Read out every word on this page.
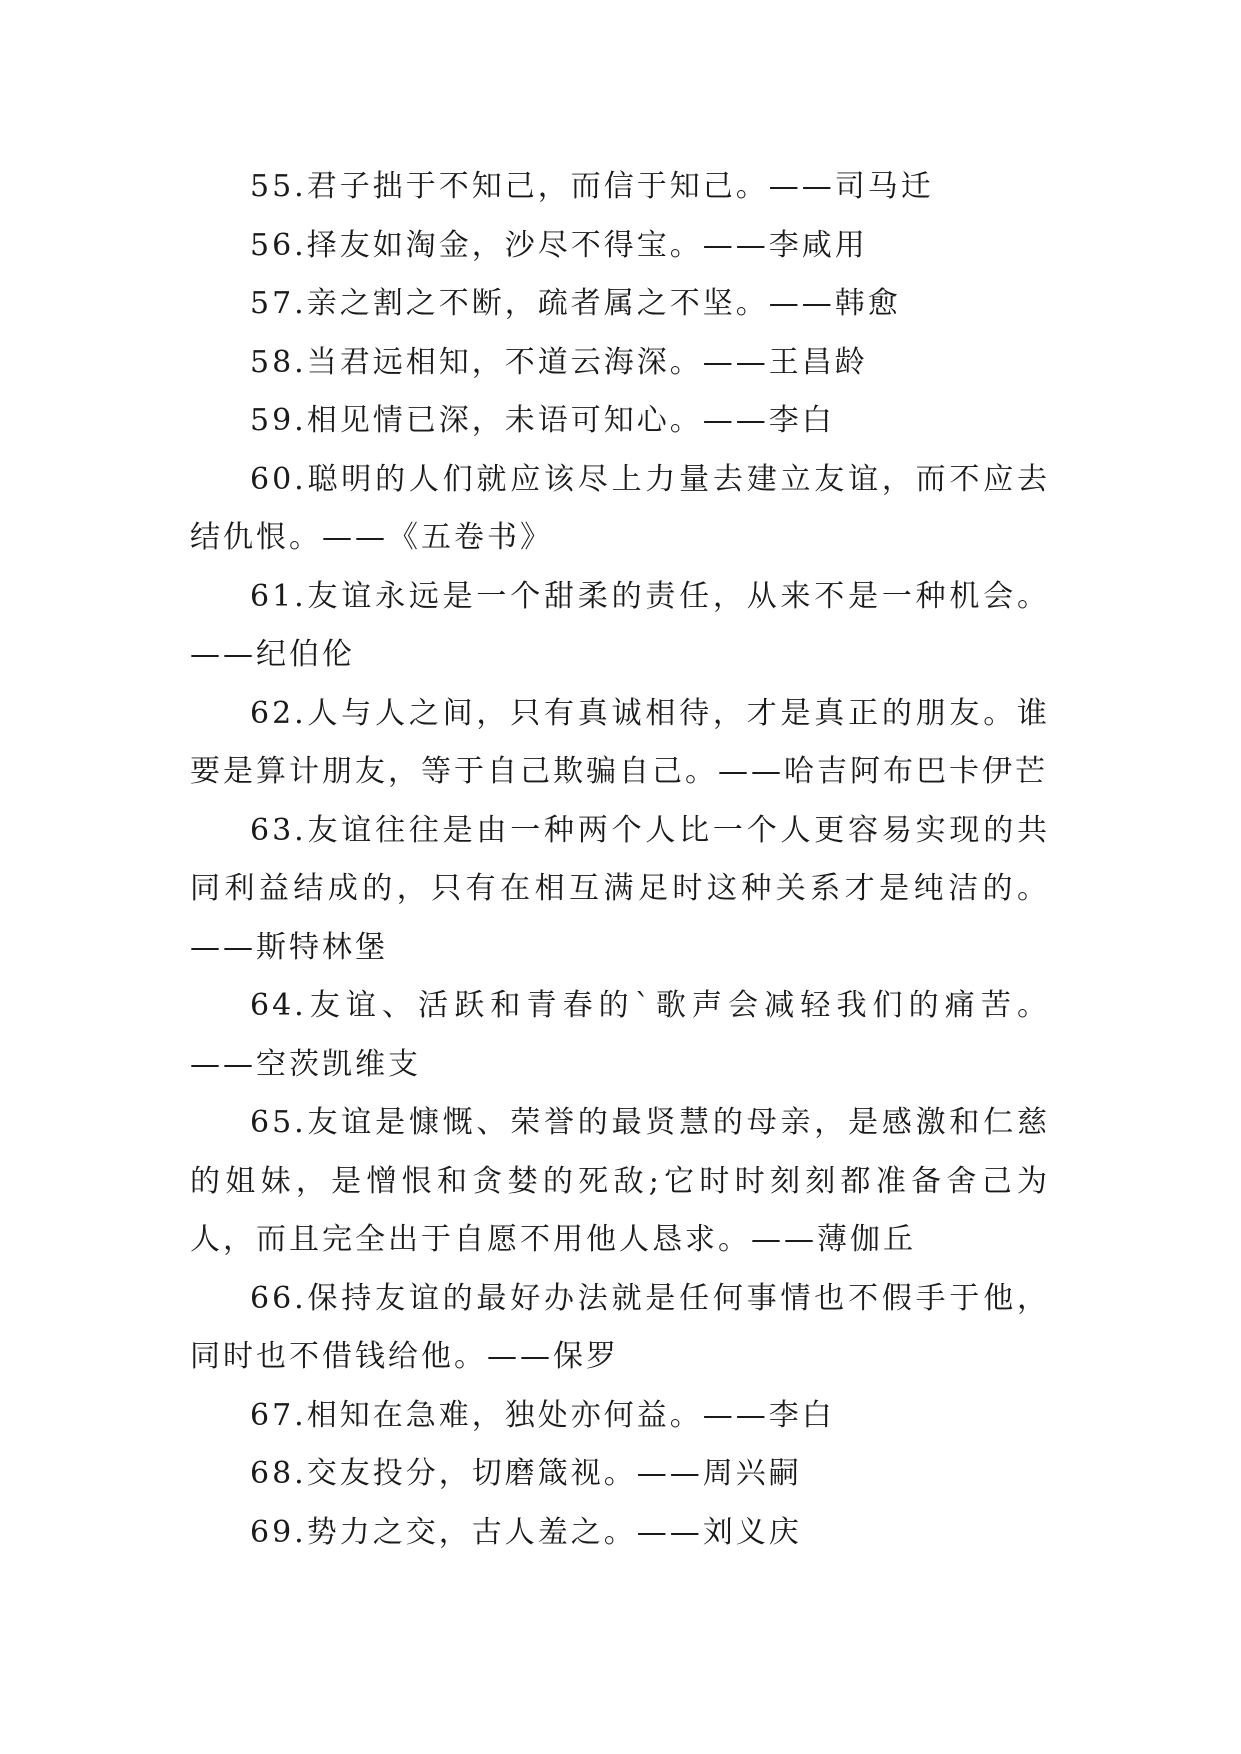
55.君子拙于不知己，而信于知己。——司马迁

56.择友如淘金，沙尽不得宝。——李咸用

57.亲之割之不断，疏者属之不坚。——韩愈

58.当君远相知，不道云海深。——王昌龄

59.相见情已深，未语可知心。——李白

60.聪明的人们就应该尽上力量去建立友谊，而不应去结仇恨。——《五卷书》

61.友谊永远是一个甜柔的责任，从来不是一种机会。——纪伯伦

62.人与人之间，只有真诚相待，才是真正的朋友。谁要是算计朋友，等于自己欺骗自己。——哈吉阿布巴卡伊芒

63.友谊往往是由一种两个人比一个人更容易实现的共同利益结成的，只有在相互满足时这种关系才是纯洁的。——斯特林堡

64.友谊、活跃和青春的`歌声会减轻我们的痛苦。——空茨凯维支

65.友谊是慷慨、荣誉的最贤慧的母亲，是感激和仁慈的姐妹，是憎恨和贪婪的死敌;它时时刻刻都准备舍己为人，而且完全出于自愿不用他人恳求。——薄伽丘

66.保持友谊的最好办法就是任何事情也不假手于他，同时也不借钱给他。——保罗

67.相知在急难，独处亦何益。——李白

68.交友投分，切磨箴视。——周兴嗣

69.势力之交，古人羞之。——刘义庆
